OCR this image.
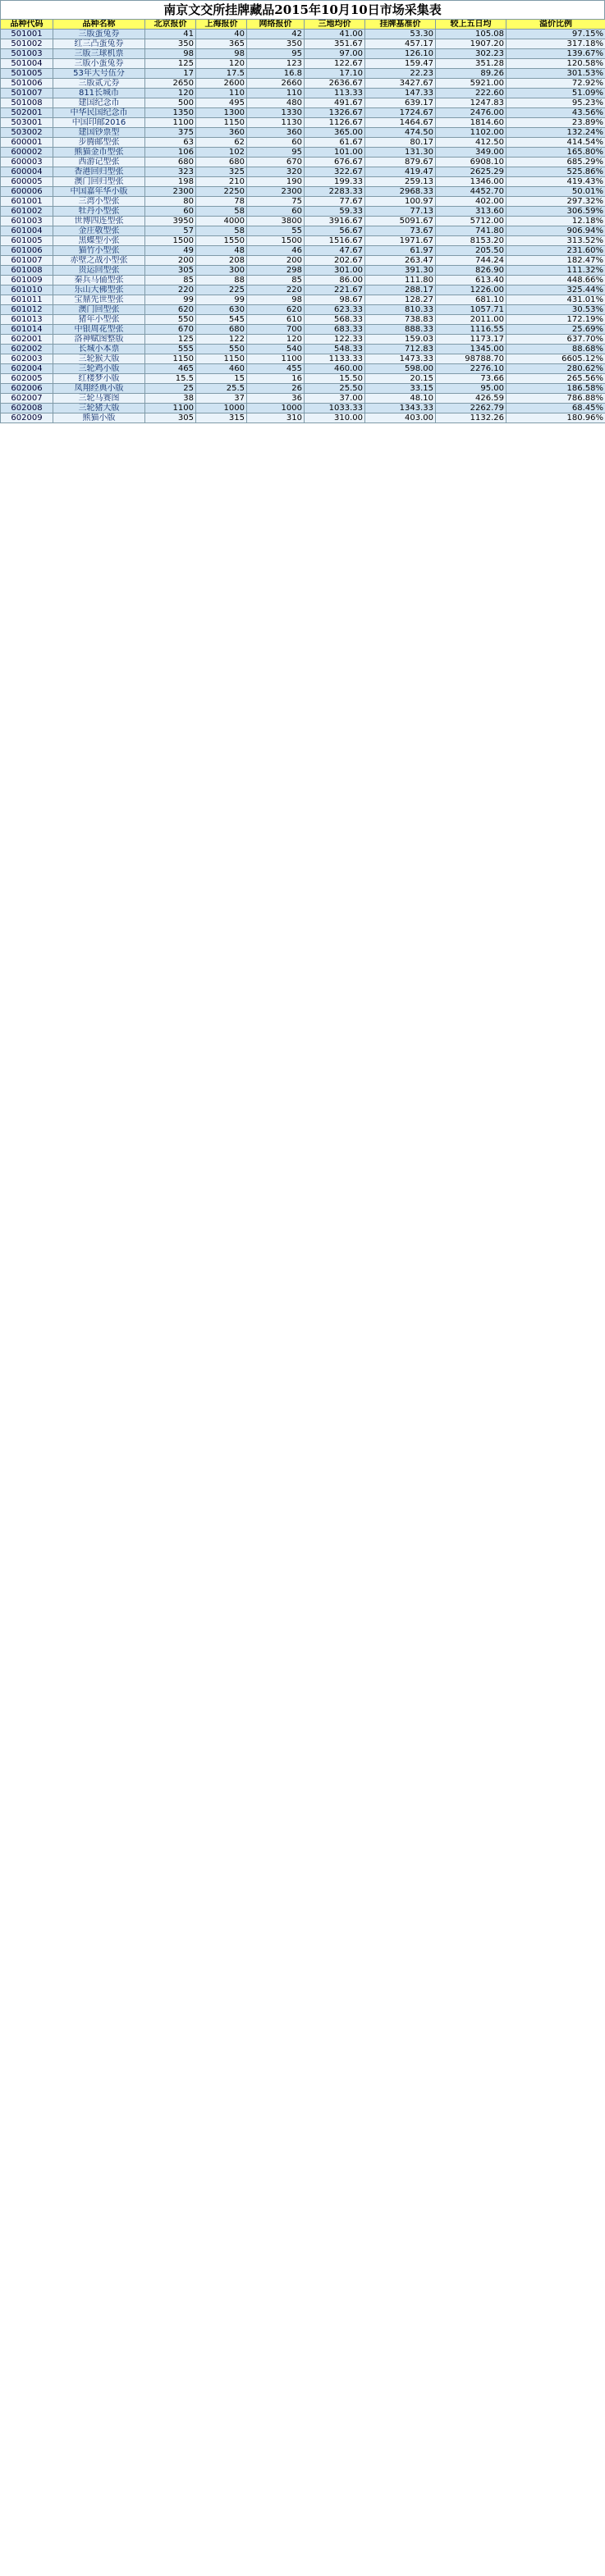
南京文交所挂牌藏品2015年10月10日市场采集表
品种代码	品种名称	北京报价	上海报价	网络报价	三地均价	挂牌基准价	较上五日均	溢价比例
501001	三版蛋兔券	41	40	42	41.00	53.30	105.08	97.15%
501002	红三凸蛋兔券	350	365	350	351.67	457.17	1907.20	317.18%
501003	三版三球机票	98	98	95	97.00	126.10	302.23	139.67%
501004	三版小蛋兔券	125	120	123	122.67	159.47	351.28	120.58%
501005	53年大号伍分	17	17.5	16.8	17.10	22.23	89.26	301.53%
501006	三版贰元券	2650	2600	2660	2636.67	3427.67	5921.00	72.92%
501007	811长城币	120	110	110	113.33	147.33	222.60	51.09%
501008	建国纪念币	500	495	480	491.67	639.17	1247.83	95.23%
502001	中华民国纪念币	1350	1300	1330	1326.67	1724.67	2476.00	43.56%
503001	中国印邮2016	1100	1150	1130	1126.67	1464.67	1814.60	23.89%
503002	建国钞票型	375	360	360	365.00	474.50	1102.00	132.24%
600001	步腾邮型张	63	62	60	61.67	80.17	412.50	414.54%
600002	熊猫金币型张	106	102	95	101.00	131.30	349.00	165.80%
600003	西游记型张	680	680	670	676.67	879.67	6908.10	685.29%
600004	香港回归型张	323	325	320	322.67	419.47	2625.29	525.86%
600005	澳门回归型张	198	210	190	199.33	259.13	1346.00	419.43%
600006	中国嘉年华小版	2300	2250	2300	2283.33	2968.33	4452.70	50.01%
601001	三湾小型张	80	78	75	77.67	100.97	402.00	297.32%
601002	牡丹小型张	60	58	60	59.33	77.13	313.60	306.59%
601003	世博四连型张	3950	4000	3800	3916.67	5091.67	5712.00	12.18%
601004	金庄敬型张	57	58	55	56.67	73.67	741.80	906.94%
601005	黑蝶型小张	1500	1550	1500	1516.67	1971.67	8153.20	313.52%
601006	猫竹小型张	49	48	46	47.67	61.97	205.50	231.60%
601007	赤壁之战小型张	200	208	200	202.67	263.47	744.24	182.47%
601008	贵运回型张	305	300	298	301.00	391.30	826.90	111.32%
601009	秦兵马俑型张	85	88	85	86.00	111.80	613.40	448.66%
601010	乐山大佛型张	220	225	220	221.67	288.17	1226.00	325.44%
601011	宝鼎先世型张	99	99	98	98.67	128.27	681.10	431.01%
601012	澳门回型张	620	630	620	623.33	810.33	1057.71	30.53%
601013	猪年小型张	550	545	610	568.33	738.83	2011.00	172.19%
601014	中银周花型张	670	680	700	683.33	888.33	1116.55	25.69%
602001	洛神赋图整版	125	122	120	122.33	159.03	1173.17	637.70%
602002	长城小本票	555	550	540	548.33	712.83	1345.00	88.68%
602003	三轮猴大版	1150	1150	1100	1133.33	1473.33	98788.70	6605.12%
602004	三轮鸡小版	465	460	455	460.00	598.00	2276.10	280.62%
602005	红楼梦小版	15.5	15	16	15.50	20.15	73.66	265.56%
602006	凤翔经典小版	25	25.5	26	25.50	33.15	95.00	186.58%
602007	三轮马赛图	38	37	36	37.00	48.10	426.59	786.88%
602008	三轮猪大版	1100	1000	1000	1033.33	1343.33	2262.79	68.45%
602009	熊猫小版	305	315	310	310.00	403.00	1132.26	180.96%
